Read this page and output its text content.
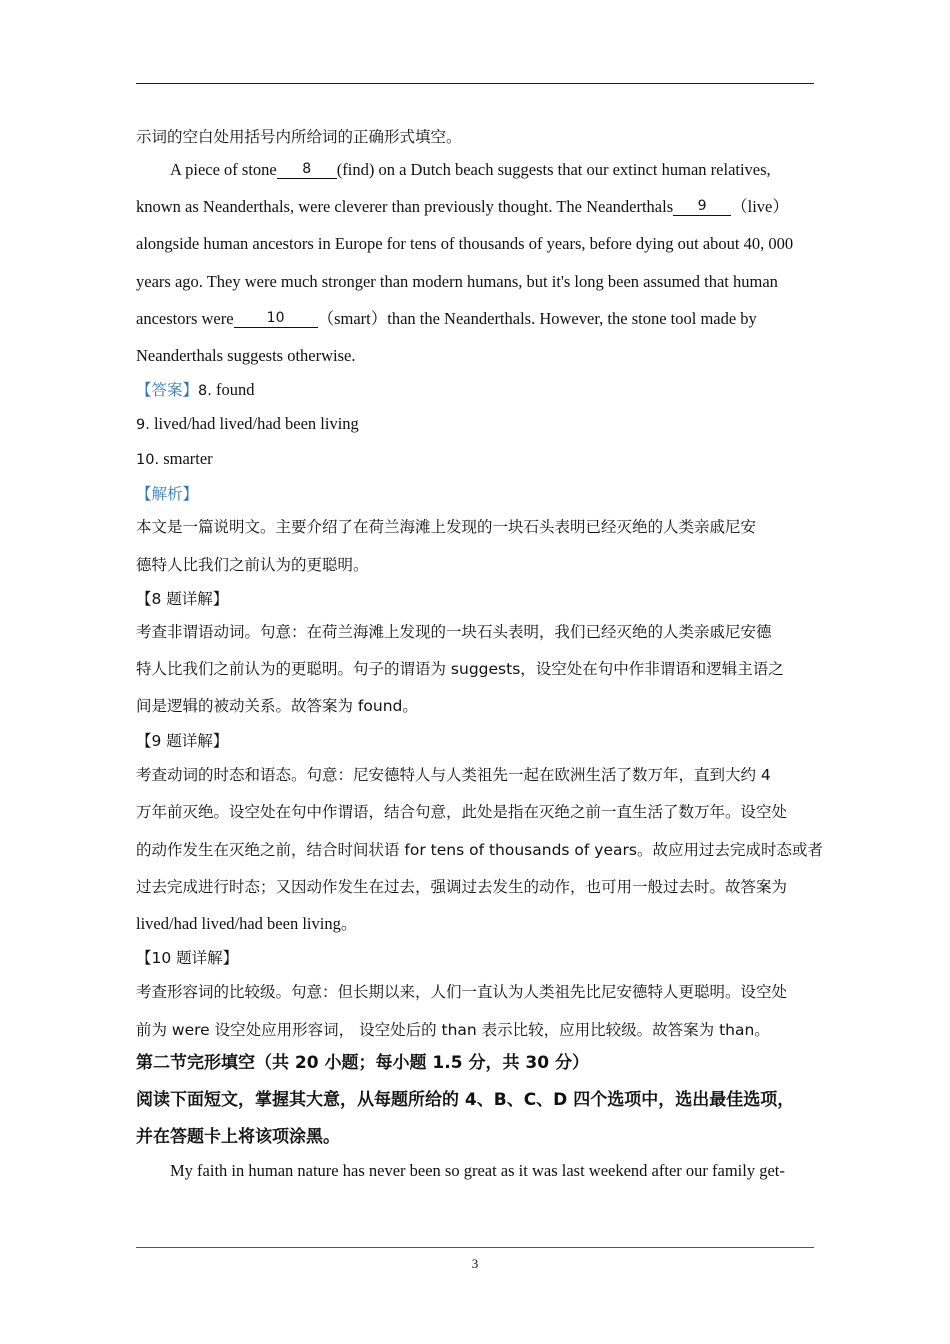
示词的空白处用括号内所给词的正确形式填空。
A piece of stone 8 (find) on a Dutch beach suggests that our extinct human relatives,
known as Neanderthals, were cleverer than previously thought. The Neanderthals 9 （live）
alongside human ancestors in Europe for tens of thousands of years, before dying out about 40, 000
years ago. They were much stronger than modern humans, but it's long been assumed that human
ancestors were 10 （smart）than the Neanderthals. However, the stone tool made by
Neanderthals suggests otherwise.
【答案】8. found
9. lived/had lived/had been living
10. smarter
【解析】
本文是一篇说明文。主要介绍了在荷兰海滩上发现的一块石头表明已经灭绝的人类亲戚尼安
德特人比我们之前认为的更聪明。
【8 题详解】
考查非谓语动词。句意：在荷兰海滩上发现的一块石头表明，我们已经灭绝的人类亲戚尼安德
特人比我们之前认为的更聪明。句子的谓语为 suggests，设空处在句中作非谓语和逻辑主语之
间是逻辑的被动关系。故答案为 found。
【9 题详解】
考查动词的时态和语态。句意：尼安德特人与人类祖先一起在欧洲生活了数万年，直到大约 4
万年前灭绝。设空处在句中作谓语，结合句意，此处是指在灭绝之前一直生活了数万年。设空处
的动作发生在灭绝之前，结合时间状语 for tens of thousands of years。故应用过去完成时态或者
过去完成进行时态；又因动作发生在过去，强调过去发生的动作，也可用一般过去时。故答案为
lived/had lived/had been living。
【10 题详解】
考查形容词的比较级。句意：但长期以来，人们一直认为人类祖先比尼安德特人更聪明。设空处
前为 were 设空处应用形容词， 设空处后的 than 表示比较，应用比较级。故答案为 than。
第二节完形填空（共 20 小题；每小题 1.5 分，共 30 分）
阅读下面短文，掌握其大意，从每题所给的 4、B、C、D 四个选项中，选出最佳选项，
并在答题卡上将该项涂黑。
My faith in human nature has never been so great as it was last weekend after our family get-
3
